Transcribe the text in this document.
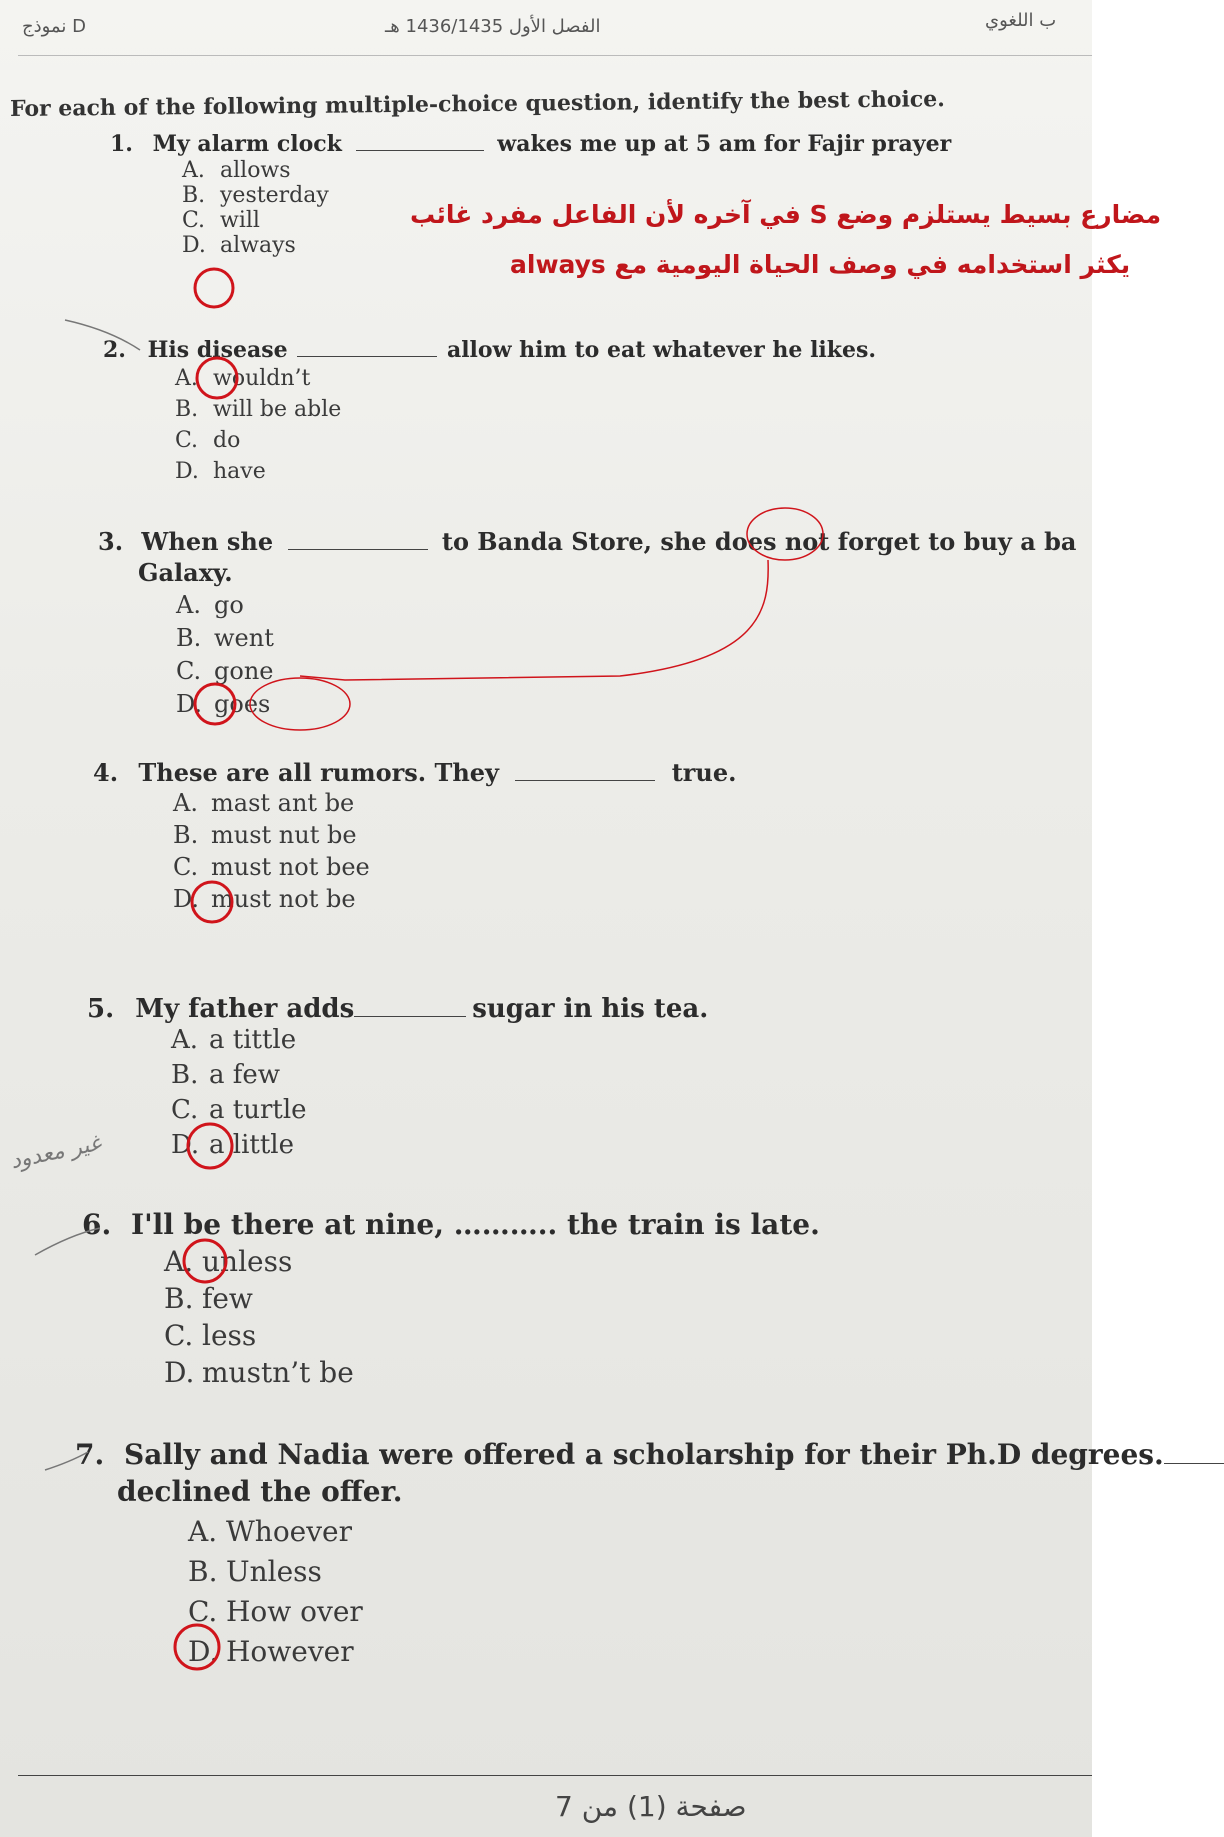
نموذج D	الفصل الأول 1436/1435 هـ	ب اللغوي
For each of the following multiple-choice question, identify the best choice.
1. My alarm clock	wakes me up at 5 am for Fajir prayer
A. allows
B. yesterday
C. will
D. always
مضارع بسيط يستلزم وضع S في آخره لأن الفاعل مفرد غائب
يكثر استخدامه في وصف الحياة اليومية مع always
2. His disease	allow him to eat whatever he likes.
A. wouldn’t
B. will be able
C. do
D. have
3. When she	to Banda Store, she does not forget to buy a ba
Galaxy.
A. go
B. went
C. gone
D. goes
4. These are all rumors. They	true.
A. mast ant be
B. must nut be
C. must not bee
D. must not be
5. My father adds	sugar in his tea.
A. a tittle
B. a few
C. a turtle
D. a little
غير معدود
6. I'll be there at nine, ……….. the train is late.
A. unless
B. few
C. less
D. mustn’t be
7. Sally and Nadia were offered a scholarship for their Ph.D degrees.
declined the offer.
A. Whoever
B. Unless
C. How over
D. However
صفحة (1) من 7
